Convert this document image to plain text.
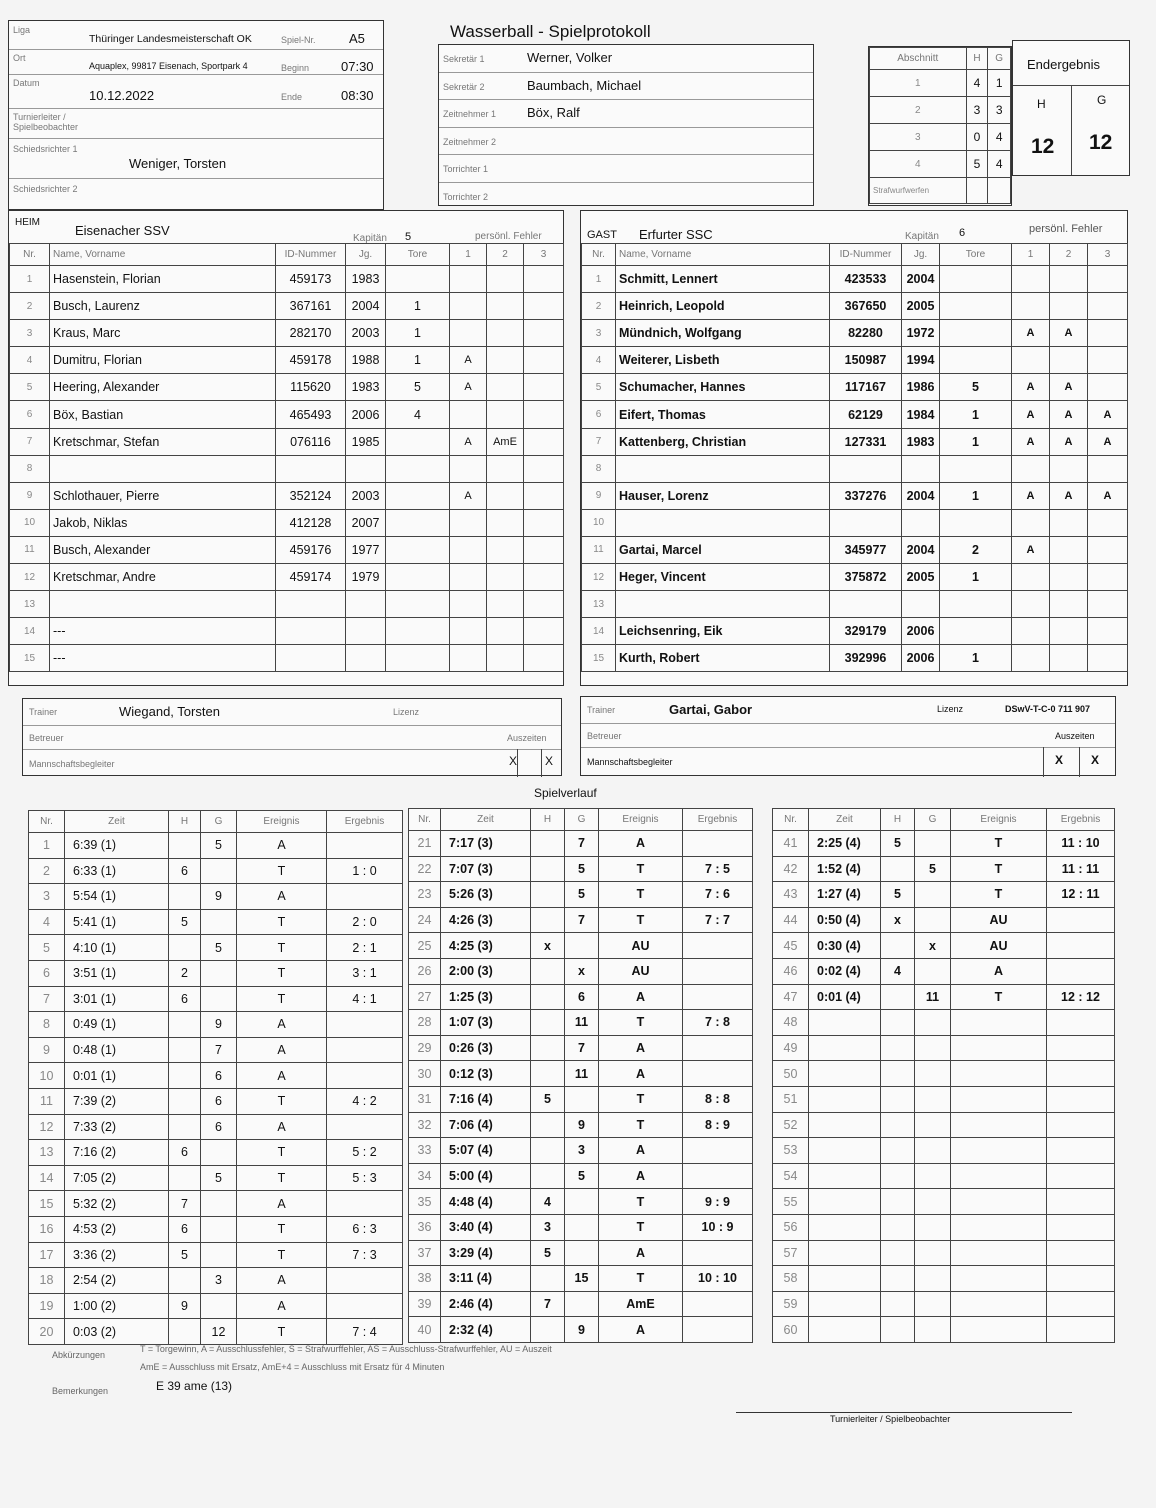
Wasserball - Spielprotokoll
Liga
Thüringer Landesmeisterschaft OK	Spiel-Nr.	A5
Ort
Aquaplex, 99817 Eisenach, Sportpark 4	Beginn 07:30
Datum
10.12.2022	Ende	08:30
Turnierleiter / Spielbeobachter
Schiedsrichter 1
Weniger, Torsten
Schiedsrichter 2
Sekretär 1	Werner, Volker
Sekretär 2	Baumbach, Michael
Zeitnehmer 1 Böx, Ralf
Zeitnehmer 2
Torrichter 1
Torrichter 2
Abschnitt	H	G
1	4	1
2	3	3
3	0	4
4	5	4
Strafwurfwerfen		
Endergebnis
H	G
12 12
HEIM
Eisenacher SSV
Kapitän 5	persönl. Fehler
Nr.	Name, Vorname	ID-Nummer	Jg.	Tore	1	2	3
1	Hasenstein, Florian	459173	1983				
2	Busch, Laurenz	367161	2004	1			
3	Kraus, Marc	282170	2003	1			
4	Dumitru, Florian	459178	1988	1	A		
5	Heering, Alexander	115620	1983	5	A		
6	Böx, Bastian	465493	2006	4			
7	Kretschmar, Stefan	076116	1985		A	AmE	
8							
9	Schlothauer, Pierre	352124	2003		A		
10	Jakob, Niklas	412128	2007				
11	Busch, Alexander	459176	1977				
12	Kretschmar, Andre	459174	1979				
13							
14	---						
15	---						
GAST Erfurter SSC	Kapitän 6	persönl. Fehler
Nr.	Name, Vorname	ID-Nummer	Jg.	Tore	1	2	3
1	Schmitt, Lennert	423533	2004				
2	Heinrich, Leopold	367650	2005				
3	Mündnich, Wolfgang	82280	1972		A	A	
4	Weiterer, Lisbeth	150987	1994				
5	Schumacher, Hannes	117167	1986	5	A	A	
6	Eifert, Thomas	62129	1984	1	A	A	A
7	Kattenberg, Christian	127331	1983	1	A	A	A
8							
9	Hauser, Lorenz	337276	2004	1	A	A	A
10							
11	Gartai, Marcel	345977	2004	2	A		
12	Heger, Vincent	375872	2005	1			
13							
14	Leichsenring, Eik	329179	2006				
15	Kurth, Robert	392996	2006	1			
Trainer	Wiegand, Torsten	Lizenz
Betreuer	Auszeiten
Mannschaftsbegleiter	X X
Trainer	Gartai, Gabor	Lizenz	DSwV-T-C-0 711 907
Betreuer	Auszeiten
Mannschaftsbegleiter	X X
Spielverlauf
Nr.	Zeit	H	G	Ereignis	Ergebnis
1	6:39 (1)		5	A	
2	6:33 (1)	6		T	1 : 0
3	5:54 (1)		9	A	
4	5:41 (1)	5		T	2 : 0
5	4:10 (1)		5	T	2 : 1
6	3:51 (1)	2		T	3 : 1
7	3:01 (1)	6		T	4 : 1
8	0:49 (1)		9	A	
9	0:48 (1)		7	A	
10	0:01 (1)		6	A	
11	7:39 (2)		6	T	4 : 2
12	7:33 (2)		6	A	
13	7:16 (2)	6		T	5 : 2
14	7:05 (2)		5	T	5 : 3
15	5:32 (2)	7		A	
16	4:53 (2)	6		T	6 : 3
17	3:36 (2)	5		T	7 : 3
18	2:54 (2)		3	A	
19	1:00 (2)	9		A	
20	0:03 (2)		12	T	7 : 4
Nr.	Zeit	H	G	Ereignis	Ergebnis
21	7:17 (3)		7	A	
22	7:07 (3)		5	T	7 : 5
23	5:26 (3)		5	T	7 : 6
24	4:26 (3)		7	T	7 : 7
25	4:25 (3)	x		AU	
26	2:00 (3)		x	AU	
27	1:25 (3)		6	A	
28	1:07 (3)		11	T	7 : 8
29	0:26 (3)		7	A	
30	0:12 (3)		11	A	
31	7:16 (4)	5		T	8 : 8
32	7:06 (4)		9	T	8 : 9
33	5:07 (4)		3	A	
34	5:00 (4)		5	A	
35	4:48 (4)	4		T	9 : 9
36	3:40 (4)	3		T	10 : 9
37	3:29 (4)	5		A	
38	3:11 (4)		15	T	10 : 10
39	2:46 (4)	7		AmE	
40	2:32 (4)		9	A	
Nr.	Zeit	H	G	Ereignis	Ergebnis
41	2:25 (4)	5		T	11 : 10
42	1:52 (4)		5	T	11 : 11
43	1:27 (4)	5		T	12 : 11
44	0:50 (4)	x		AU	
45	0:30 (4)		x	AU	
46	0:02 (4)	4		A	
47	0:01 (4)		11	T	12 : 12
48					
49					
50					
51					
52					
53					
54					
55					
56					
57					
58					
59					
60					
Abkürzungen
T = Torgewinn, A = Ausschlussfehler, S = Strafwurffehler, AS = Ausschluss-Strafwurffehler, AU = Auszeit
AmE = Ausschluss mit Ersatz, AmE+4 = Ausschluss mit Ersatz für 4 Minuten
Bemerkungen	E 39 ame (13)
Turnierleiter / Spielbeobachter
